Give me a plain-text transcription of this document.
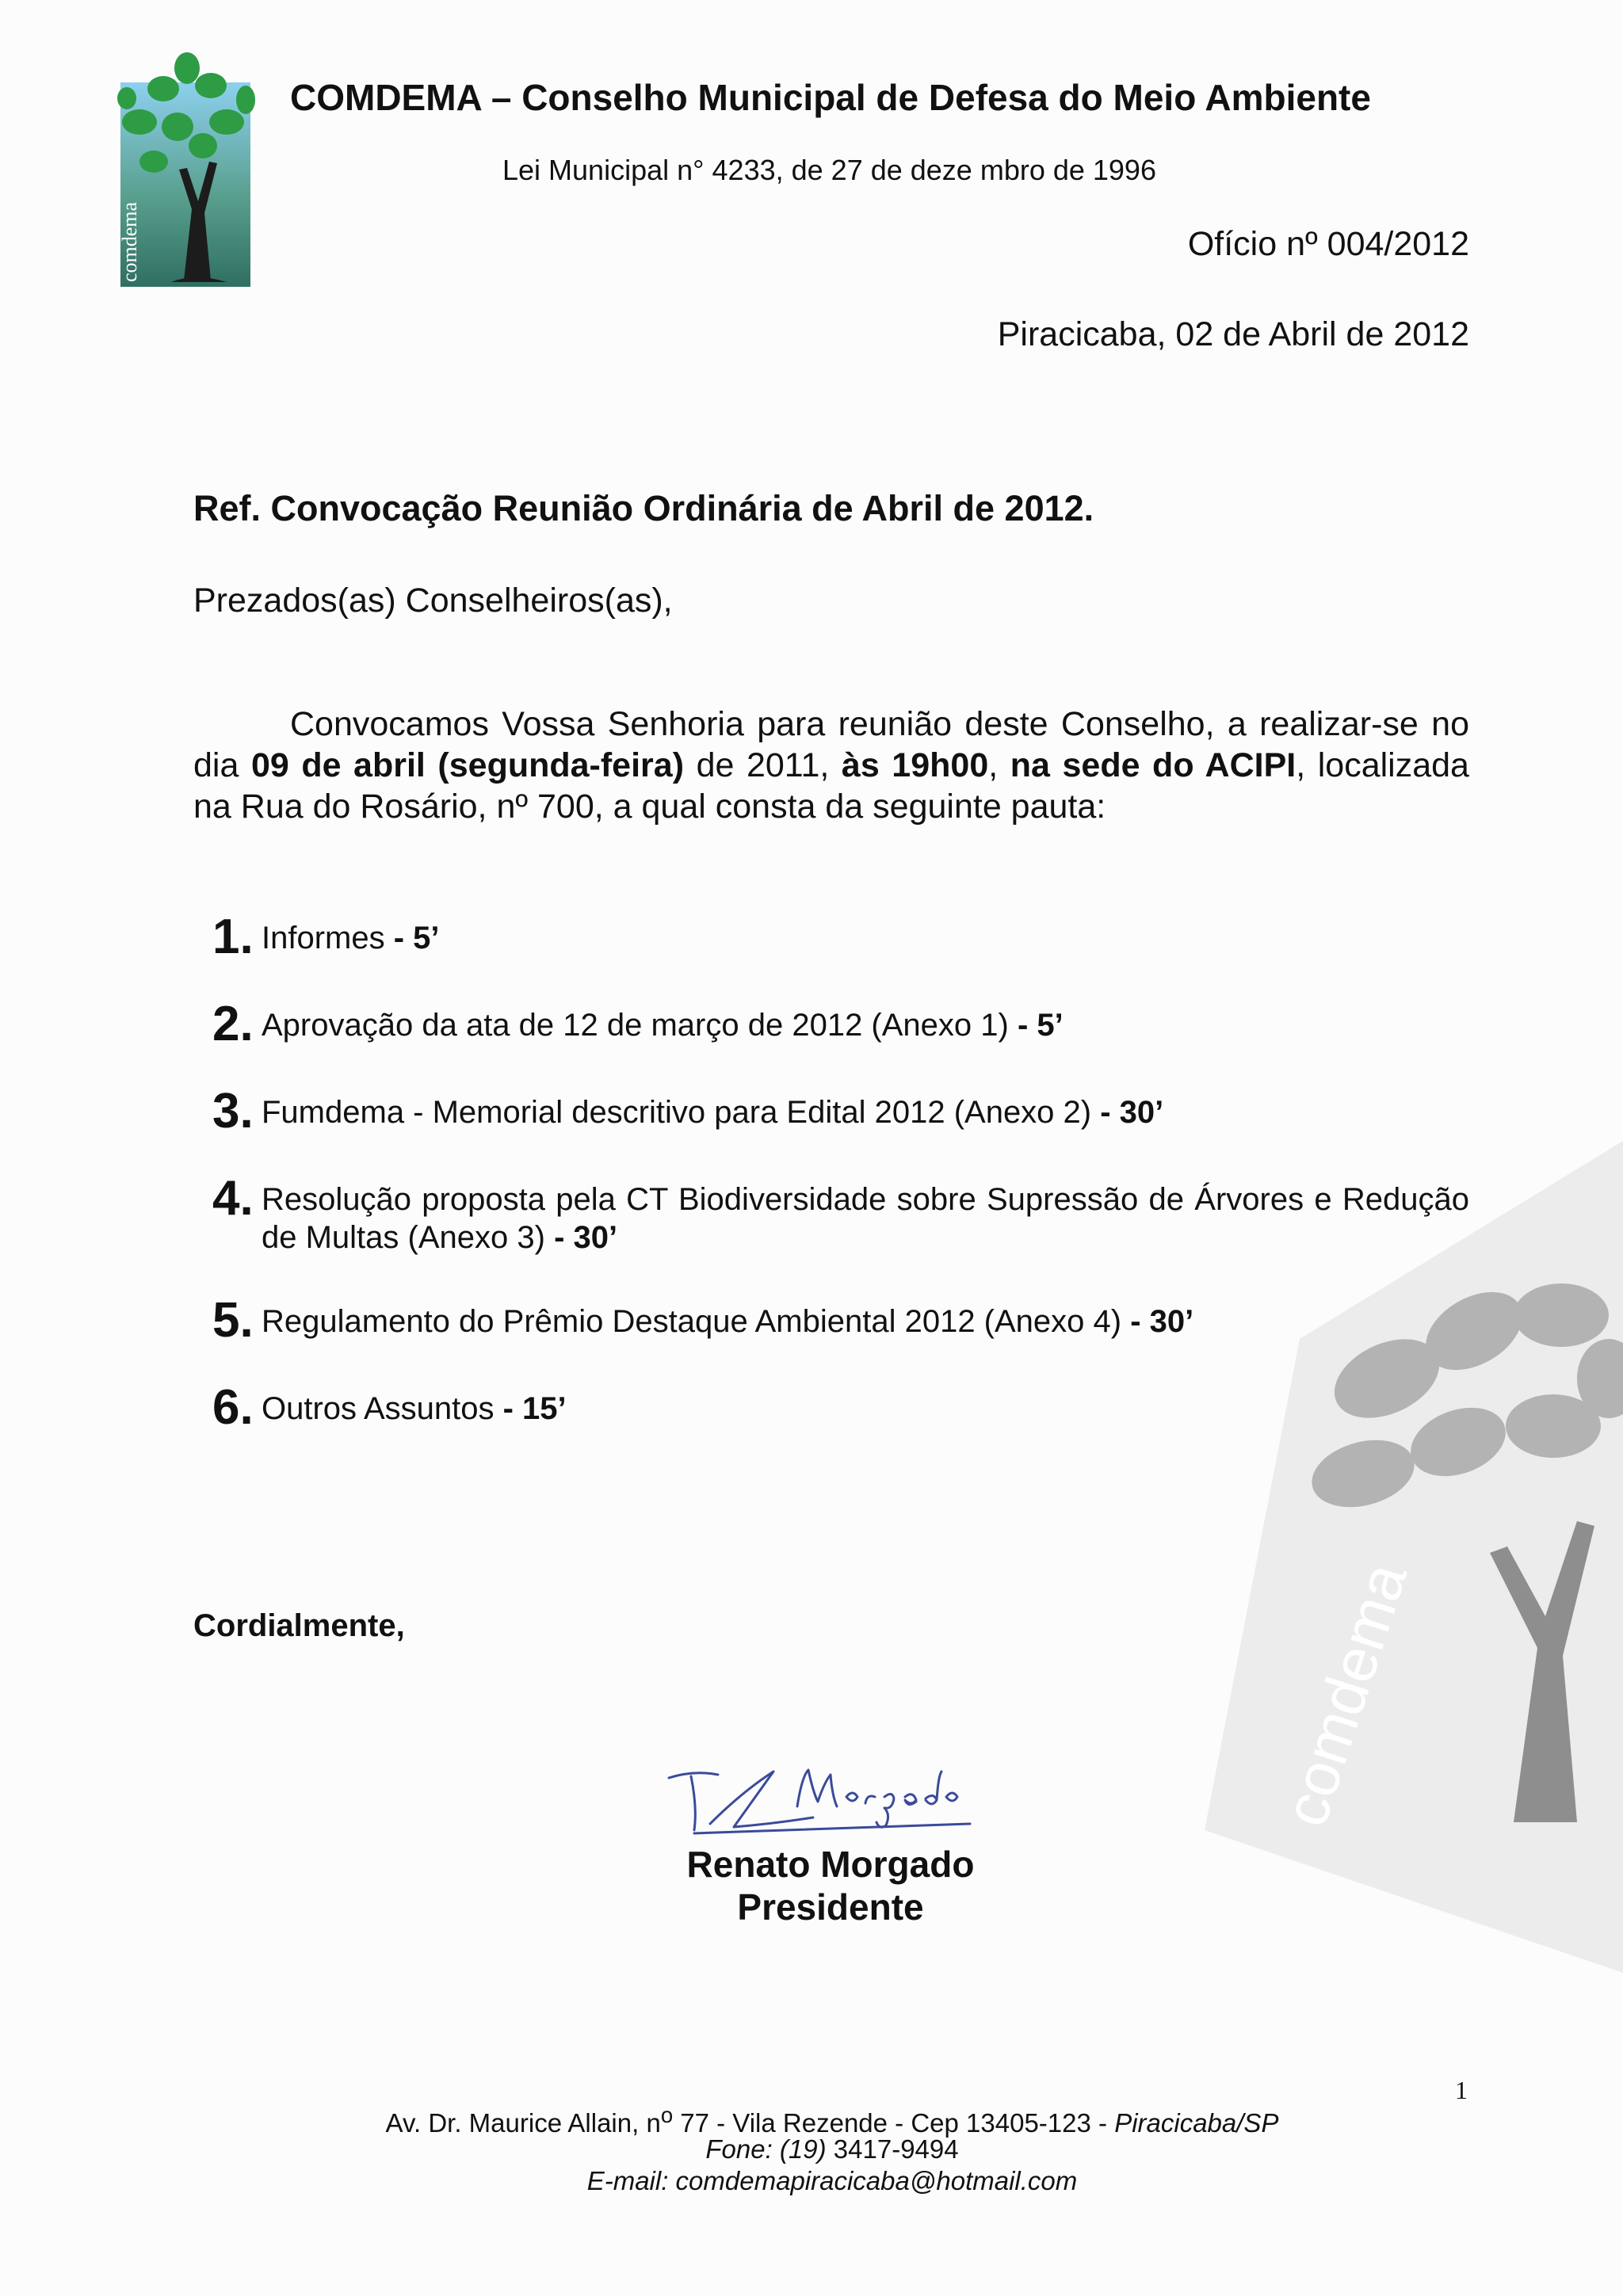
comdema
comdema
COMDEMA – Conselho Municipal de Defesa do Meio Ambiente
Lei Municipal n° 4233, de 27 de deze mbro de 1996
Ofício nº 004/2012
Piracicaba, 02 de Abril de 2012
Ref. Convocação Reunião Ordinária de Abril de 2012.
Prezados(as) Conselheiros(as),
Convocamos Vossa Senhoria para reunião deste Conselho, a realizar-se no dia 09 de abril (segunda-feira) de 2011, às 19h00, na sede do ACIPI, localizada na Rua do Rosário, nº 700, a qual consta da seguinte pauta:
1. Informes - 5’
2. Aprovação da ata de 12 de março de 2012 (Anexo 1) - 5’
3. Fumdema - Memorial descritivo para Edital 2012 (Anexo 2) - 30’
4. Resolução proposta pela CT Biodiversidade sobre Supressão de Árvores e Redução de Multas (Anexo 3) - 30’
5. Regulamento do Prêmio Destaque Ambiental 2012 (Anexo 4) - 30’
6. Outros Assuntos - 15’
Cordialmente,
Renato Morgado
Presidente
1
Av. Dr. Maurice Allain, $n^o$ 77 - Vila Rezende - Cep 13405-123 - Piracicaba/SP
Fone: (19) 3417-9494
E-mail: comdemapiracicaba@hotmail.com
